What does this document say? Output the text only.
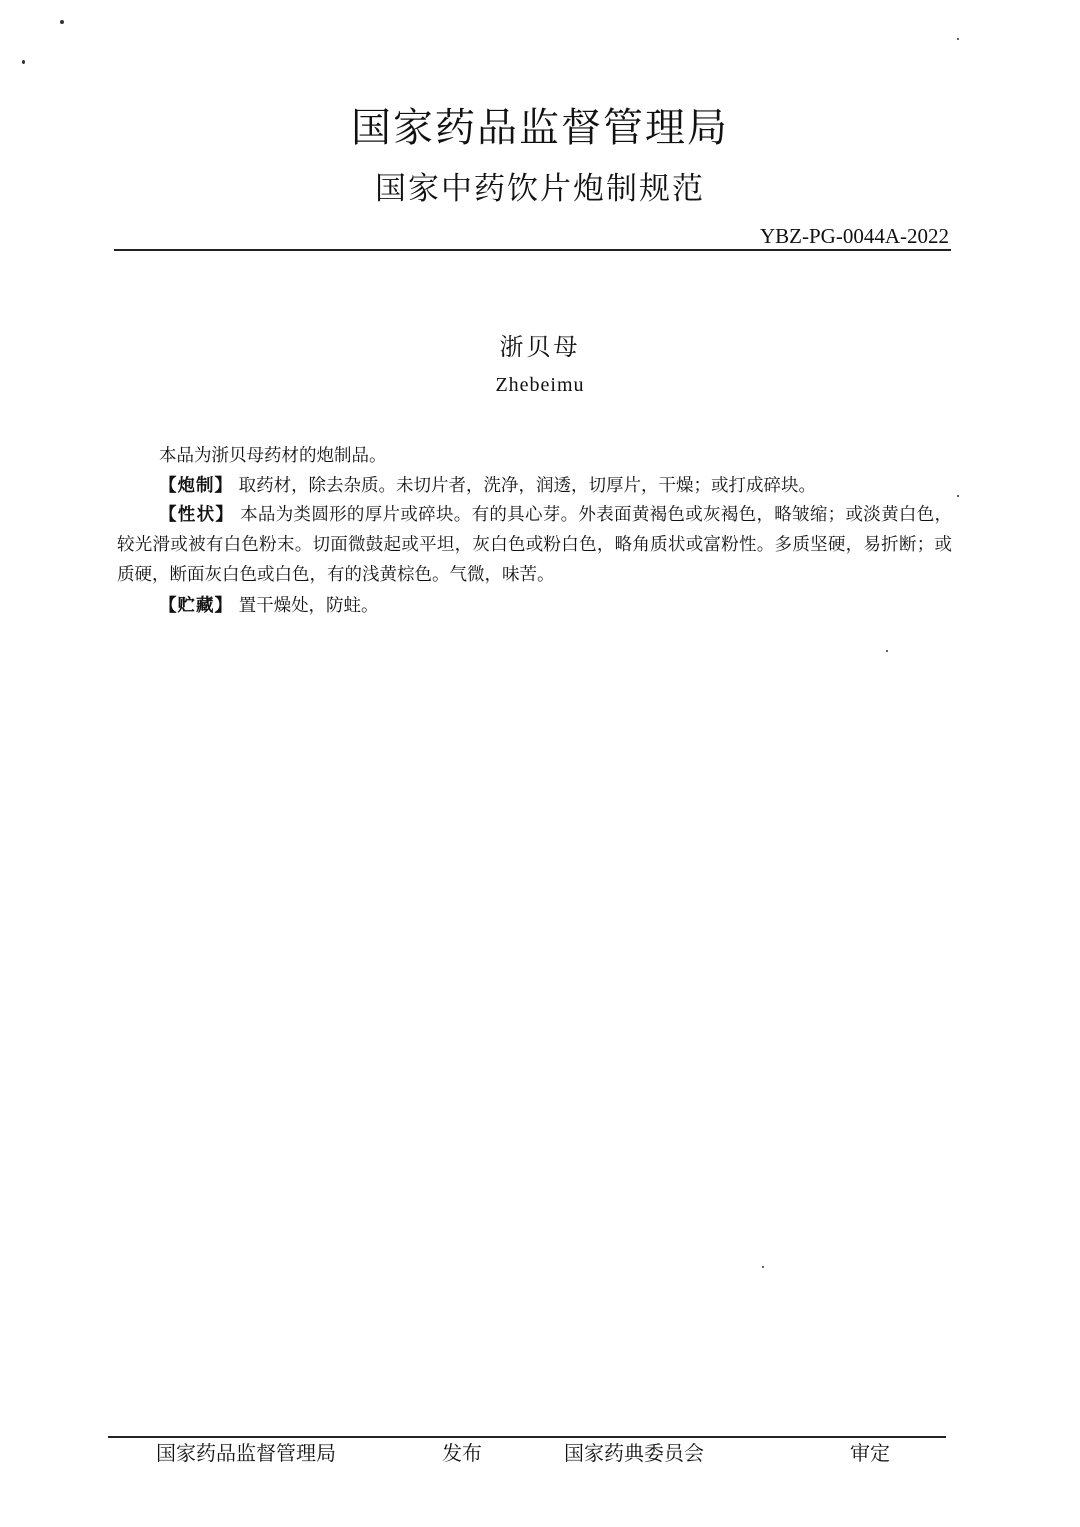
国家药品监督管理局
国家中药饮片炮制规范
YBZ-PG-0044A-2022
浙贝母
Zhebeimu

本品为浙贝母药材的炮制品。

【炮制】 取药材，除去杂质。未切片者，洗净，润透，切厚片，干燥；或打成碎块。

【性状】 本品为类圆形的厚片或碎块。有的具心芽。外表面黄褐色或灰褐色，略皱缩；或淡黄白色，较光滑或被有白色粉末。切面微鼓起或平坦，灰白色或粉白色，略角质状或富粉性。多质坚硬，易折断；或质硬，断面灰白色或白色，有的浅黄棕色。气微，味苦。

【贮藏】 置干燥处，防蛀。

国家药品监督管理局	发布	国家药典委员会	审定
